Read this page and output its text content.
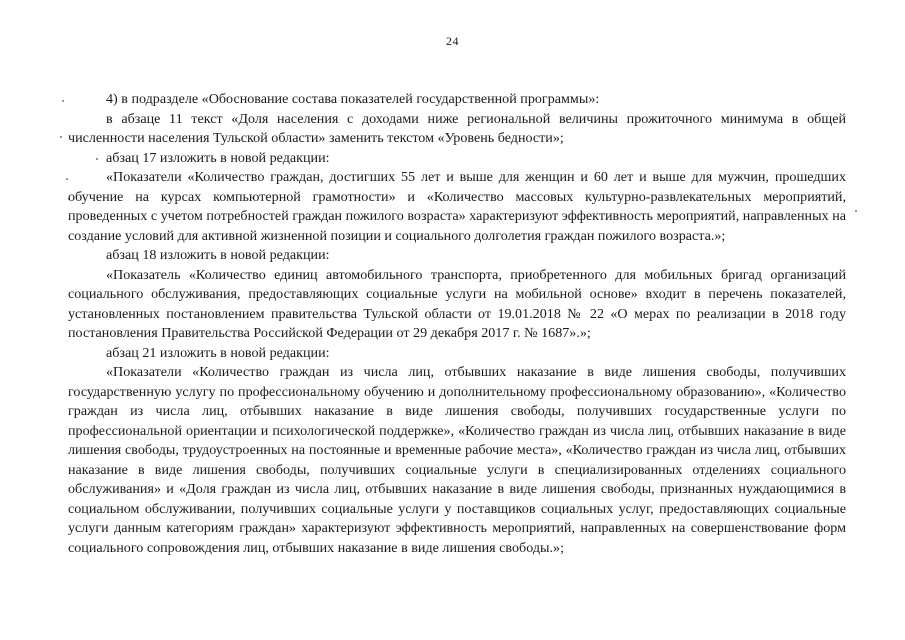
24

4) в подразделе «Обоснование состава показателей государственной программы»:

в абзаце 11 текст «Доля населения с доходами ниже региональной величины прожиточного минимума в общей численности населения Тульской области» заменить текстом «Уровень бедности»;

абзац 17 изложить в новой редакции:

«Показатели «Количество граждан, достигших 55 лет и выше для женщин и 60 лет и выше для мужчин, прошедших обучение на курсах компьютерной грамотности» и «Количество массовых культурно-развлекательных мероприятий, проведенных с учетом потребностей граждан пожилого возраста» характеризуют эффективность мероприятий, направленных на создание условий для активной жизненной позиции и социального долголетия граждан пожилого возраста.»;

абзац 18 изложить в новой редакции:

«Показатель «Количество единиц автомобильного транспорта, приобретенного для мобильных бригад организаций социального обслуживания, предоставляющих социальные услуги на мобильной основе» входит в перечень показателей, установленных постановлением правительства Тульской области от 19.01.2018 № 22 «О мерах по реализации в 2018 году постановления Правительства Российской Федерации от 29 декабря 2017 г. № 1687».»;

абзац 21 изложить в новой редакции:

«Показатели «Количество граждан из числа лиц, отбывших наказание в виде лишения свободы, получивших государственную услугу по профессиональному обучению и дополнительному профессиональному образованию», «Количество граждан из числа лиц, отбывших наказание в виде лишения свободы, получивших государственные услуги по профессиональной ориентации и психологической поддержке», «Количество граждан из числа лиц, отбывших наказание в виде лишения свободы, трудоустроенных на постоянные и временные рабочие места», «Количество граждан из числа лиц, отбывших наказание в виде лишения свободы, получивших социальные услуги в специализированных отделениях социального обслуживания» и «Доля граждан из числа лиц, отбывших наказание в виде лишения свободы, признанных нуждающимися в социальном обслуживании, получивших социальные услуги у поставщиков социальных услуг, предоставляющих социальные услуги данным категориям граждан» характеризуют эффективность мероприятий, направленных на совершенствование форм социального сопровождения лиц, отбывших наказание в виде лишения свободы.»;
